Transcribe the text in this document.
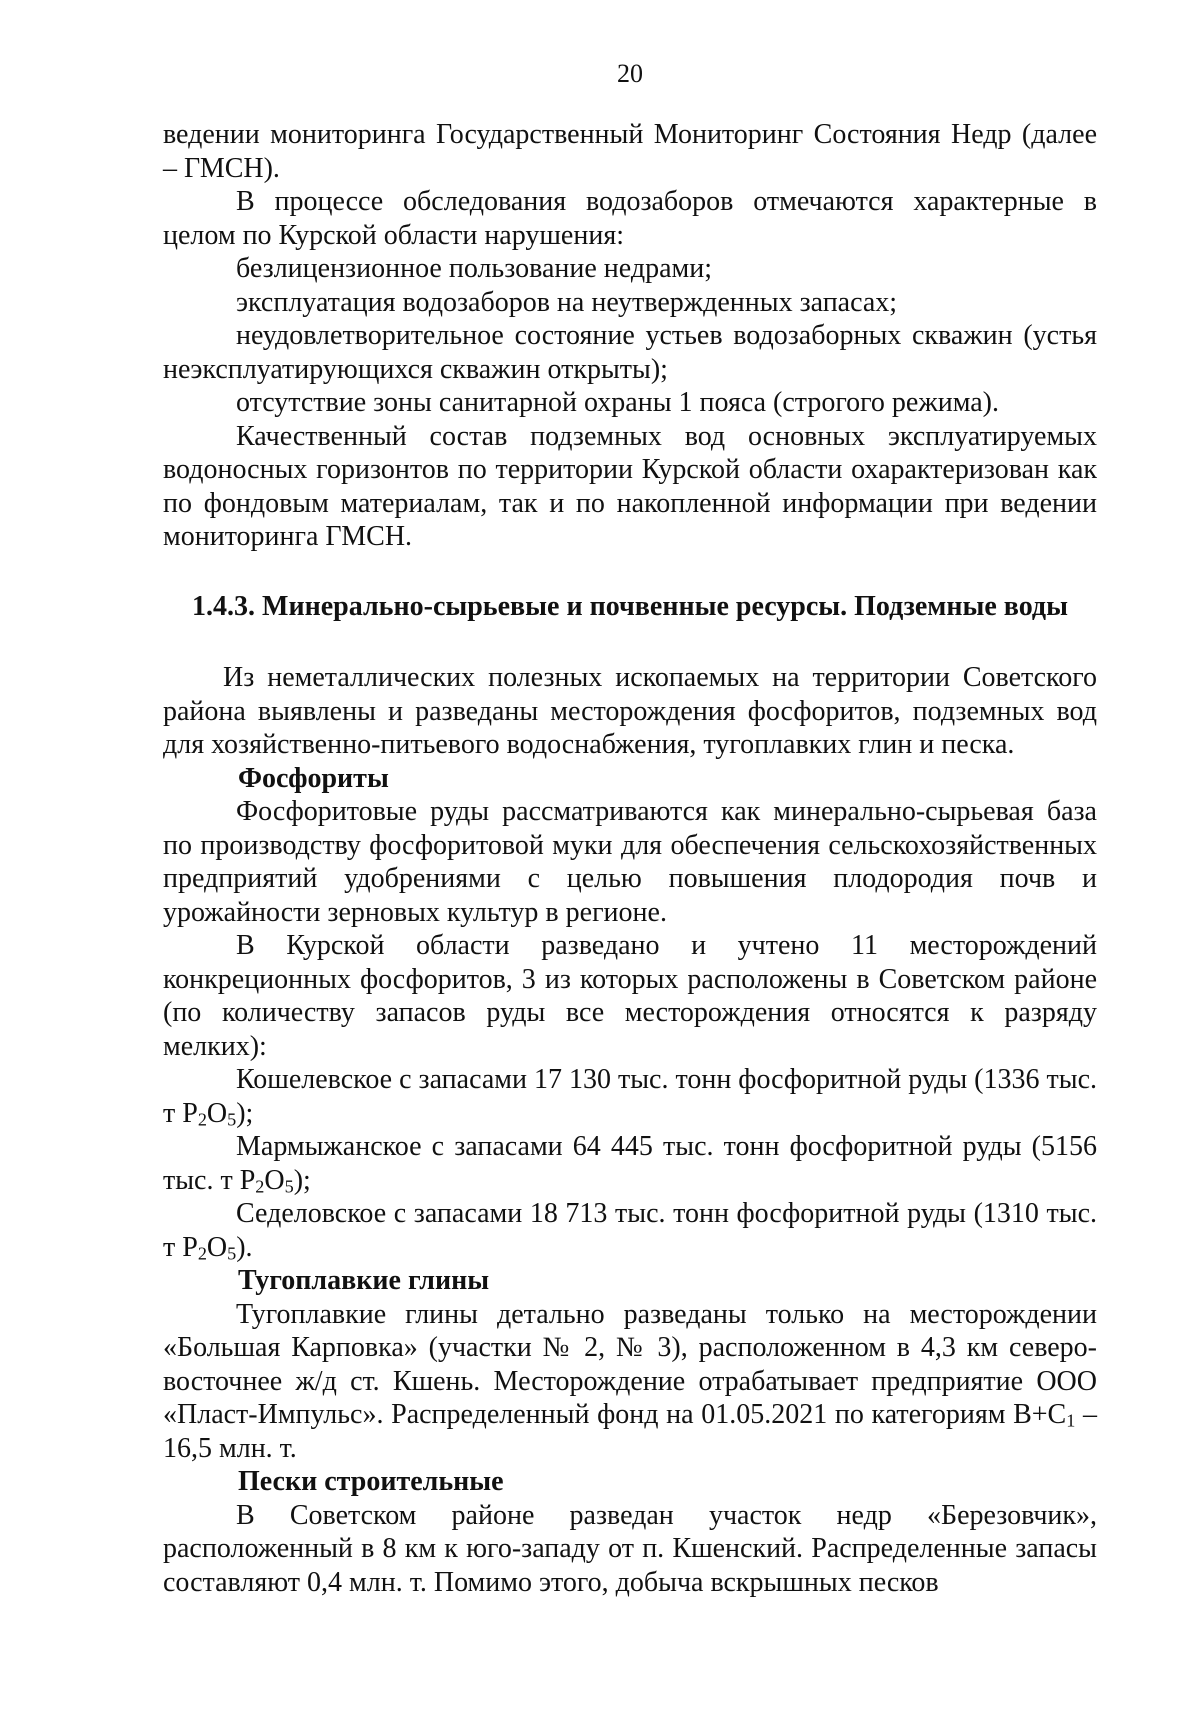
20

ведении мониторинга Государственный Мониторинг Состояния Недр (далее – ГМСН).

В процессе обследования водозаборов отмечаются характерные в целом по Курской области нарушения:

безлицензионное пользование недрами;

эксплуатация водозаборов на неутвержденных запасах;

неудовлетворительное состояние устьев водозаборных скважин (устья неэксплуатирующихся скважин открыты);

отсутствие зоны санитарной охраны 1 пояса (строгого режима).

Качественный состав подземных вод основных эксплуатируемых водоносных горизонтов по территории Курской области охарактеризован как по фондовым материалам, так и по накопленной информации при ведении мониторинга ГМСН.

1.4.3. Минерально-сырьевые и почвенные ресурсы. Подземные воды

Из неметаллических полезных ископаемых на территории Советского района выявлены и разведаны месторождения фосфоритов, подземных вод для хозяйственно-питьевого водоснабжения, тугоплавких глин и песка.

Фосфориты

Фосфоритовые руды рассматриваются как минерально-сырьевая база по производству фосфоритовой муки для обеспечения сельскохозяйственных предприятий удобрениями с целью повышения плодородия почв и урожайности зерновых культур в регионе.

В Курской области разведано и учтено 11 месторождений конкреционных фосфоритов, 3 из которых расположены в Советском районе (по количеству запасов руды все месторождения относятся к разряду мелких):

Кошелевское с запасами 17 130 тыс. тонн фосфоритной руды (1336 тыс. т $P_2O_5$);

Мармыжанское с запасами 64 445 тыс. тонн фосфоритной руды (5156 тыс. т $P_2O_5$);

Седеловское с запасами 18 713 тыс. тонн фосфоритной руды (1310 тыс. т $P_2O_5$).

Тугоплавкие глины

Тугоплавкие глины детально разведаны только на месторождении «Большая Карповка» (участки № 2, № 3), расположенном в 4,3 км северо-восточнее ж/д ст. Кшень. Месторождение отрабатывает предприятие ООО «Пласт-Импульс». Распределенный фонд на 01.05.2021 по категориям $B+C_1 - 16,5$ млн. т.

Пески строительные

В Советском районе разведан участок недр «Березовчик», расположенный в 8 км к юго-западу от п. Кшенский. Распределенные запасы составляют 0,4 млн. т. Помимо этого, добыча вскрышных песков
